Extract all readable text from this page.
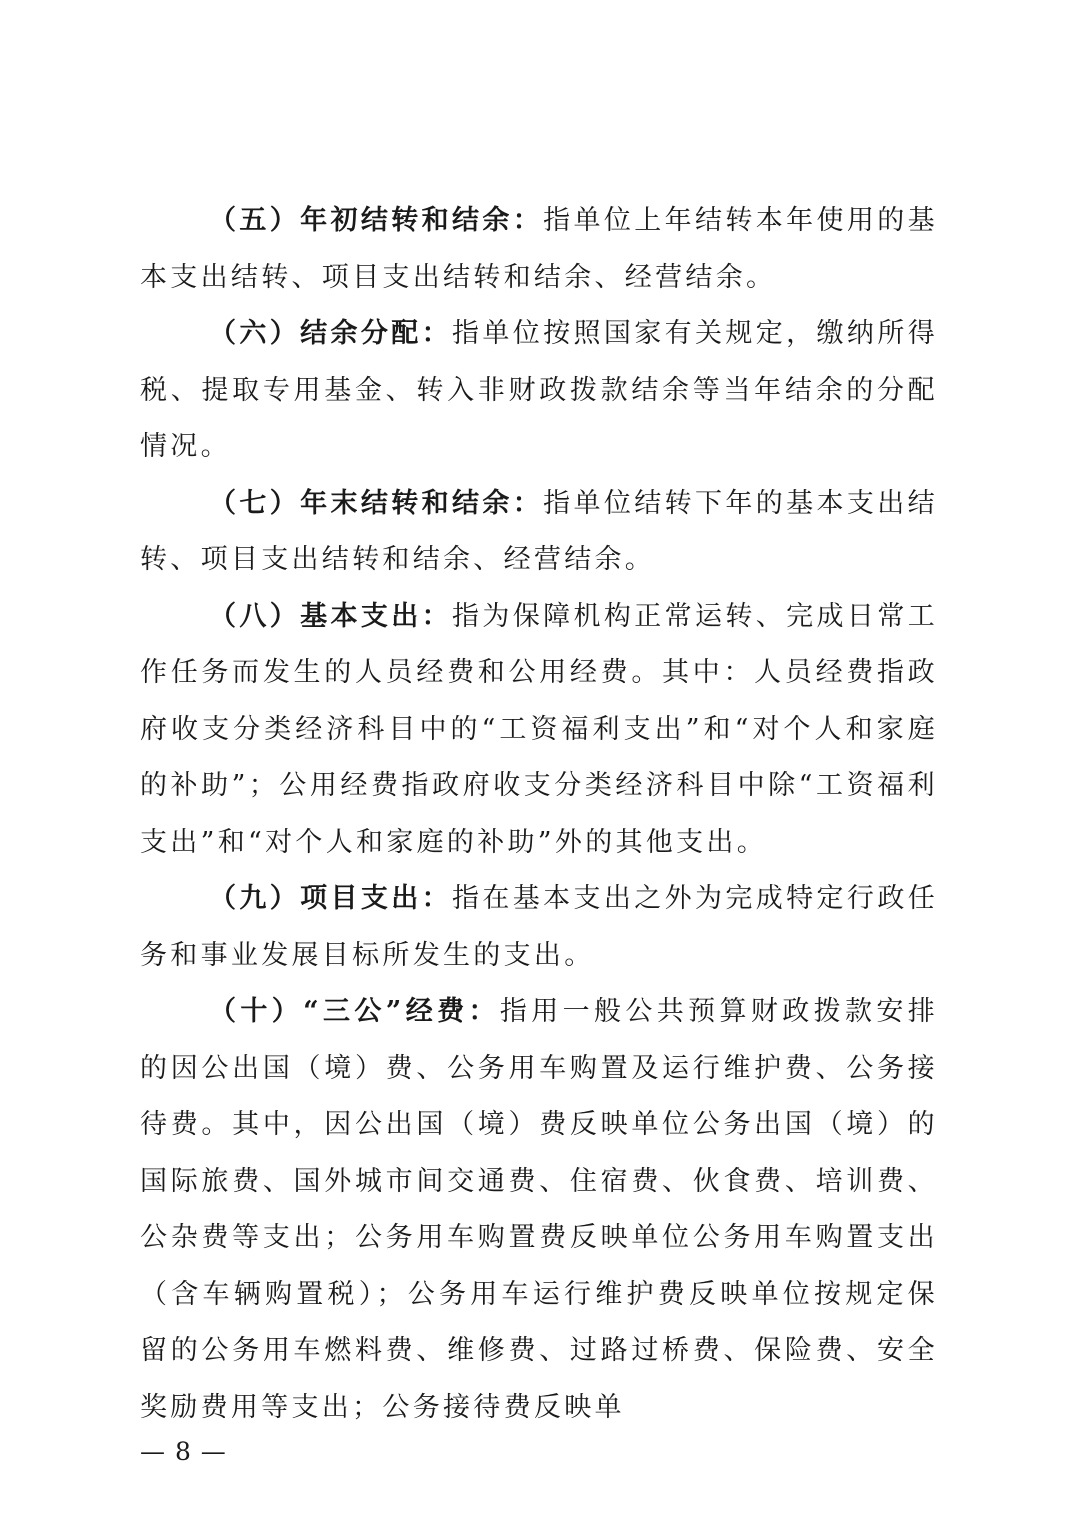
（五）年初结转和结余：指单位上年结转本年使用的基本支出结转、项目支出结转和结余、经营结余。

（六）结余分配：指单位按照国家有关规定，缴纳所得税、提取专用基金、转入非财政拨款结余等当年结余的分配情况。

（七）年末结转和结余：指单位结转下年的基本支出结转、项目支出结转和结余、经营结余。

（八）基本支出：指为保障机构正常运转、完成日常工作任务而发生的人员经费和公用经费。其中：人员经费指政府收支分类经济科目中的“工资福利支出”和“对个人和家庭的补助”；公用经费指政府收支分类经济科目中除“工资福利支出”和“对个人和家庭的补助”外的其他支出。

（九）项目支出：指在基本支出之外为完成特定行政任务和事业发展目标所发生的支出。

（十）“三公”经费：指用一般公共预算财政拨款安排的因公出国（境）费、公务用车购置及运行维护费、公务接待费。其中，因公出国（境）费反映单位公务出国（境）的国际旅费、国外城市间交通费、住宿费、伙食费、培训费、公杂费等支出；公务用车购置费反映单位公务用车购置支出（含车辆购置税）；公务用车运行维护费反映单位按规定保留的公务用车燃料费、维修费、过路过桥费、保险费、安全奖励费用等支出；公务接待费反映单

— 8 —
